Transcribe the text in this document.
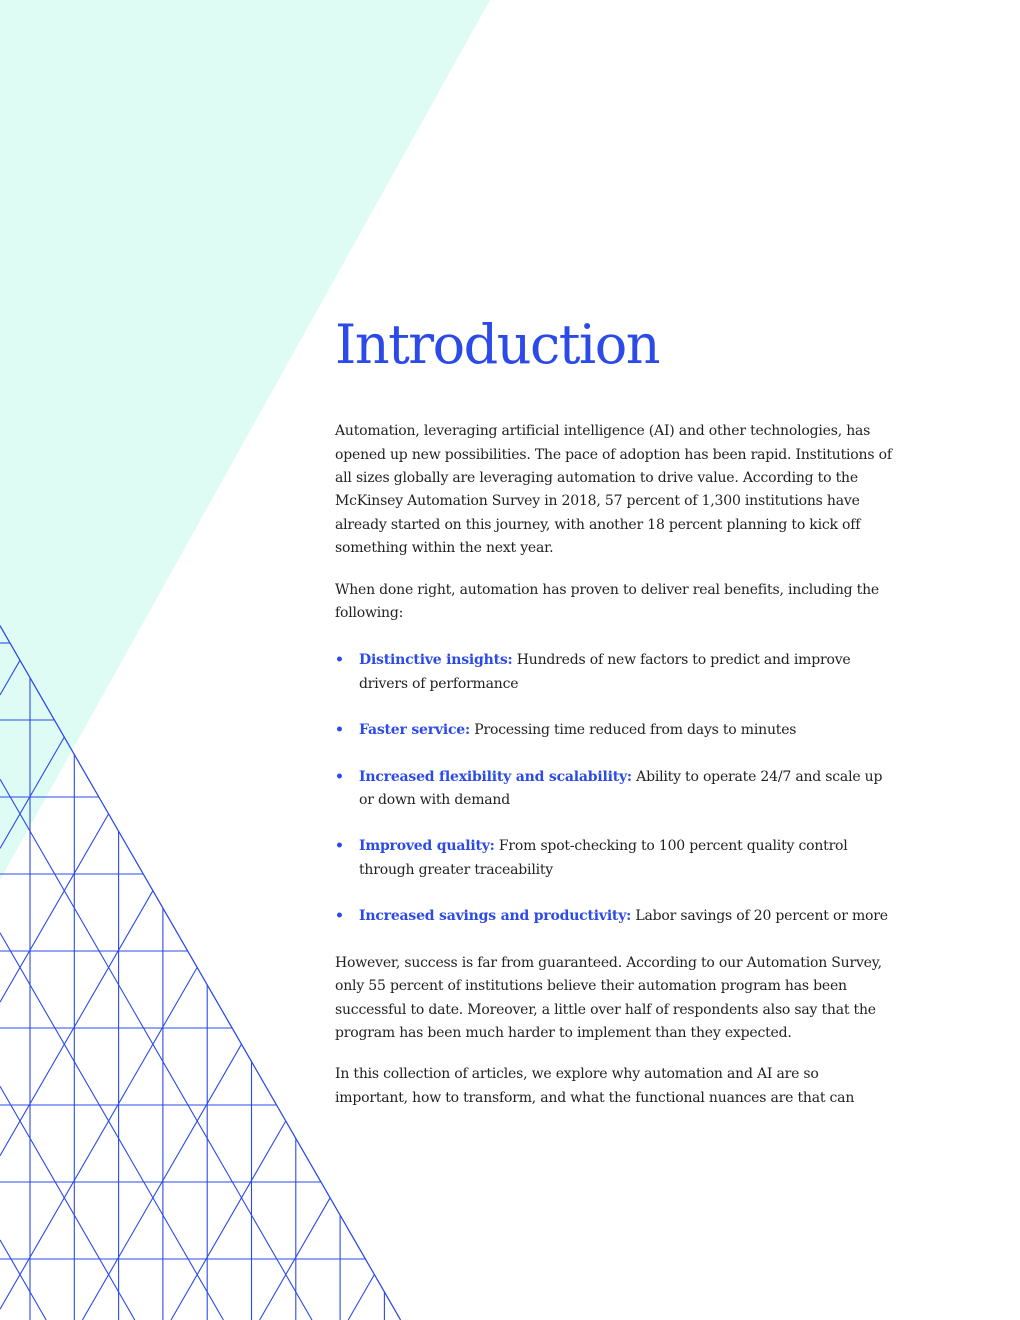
Introduction

Automation, leveraging artificial intelligence (AI) and other technologies, has opened up new possibilities. The pace of adoption has been rapid. Institutions of all sizes globally are leveraging automation to drive value. According to the McKinsey Automation Survey in 2018, 57 percent of 1,300 institutions have already started on this journey, with another 18 percent planning to kick off something within the next year.

When done right, automation has proven to deliver real benefits, including the following:

• Distinctive insights: Hundreds of new factors to predict and improve drivers of performance
• Faster service: Processing time reduced from days to minutes
• Increased flexibility and scalability: Ability to operate 24/7 and scale up or down with demand
• Improved quality: From spot-checking to 100 percent quality control through greater traceability
• Increased savings and productivity: Labor savings of 20 percent or more

However, success is far from guaranteed. According to our Automation Survey, only 55 percent of institutions believe their automation program has been successful to date. Moreover, a little over half of respondents also say that the program has been much harder to implement than they expected.

In this collection of articles, we explore why automation and AI are so important, how to transform, and what the functional nuances are that can
